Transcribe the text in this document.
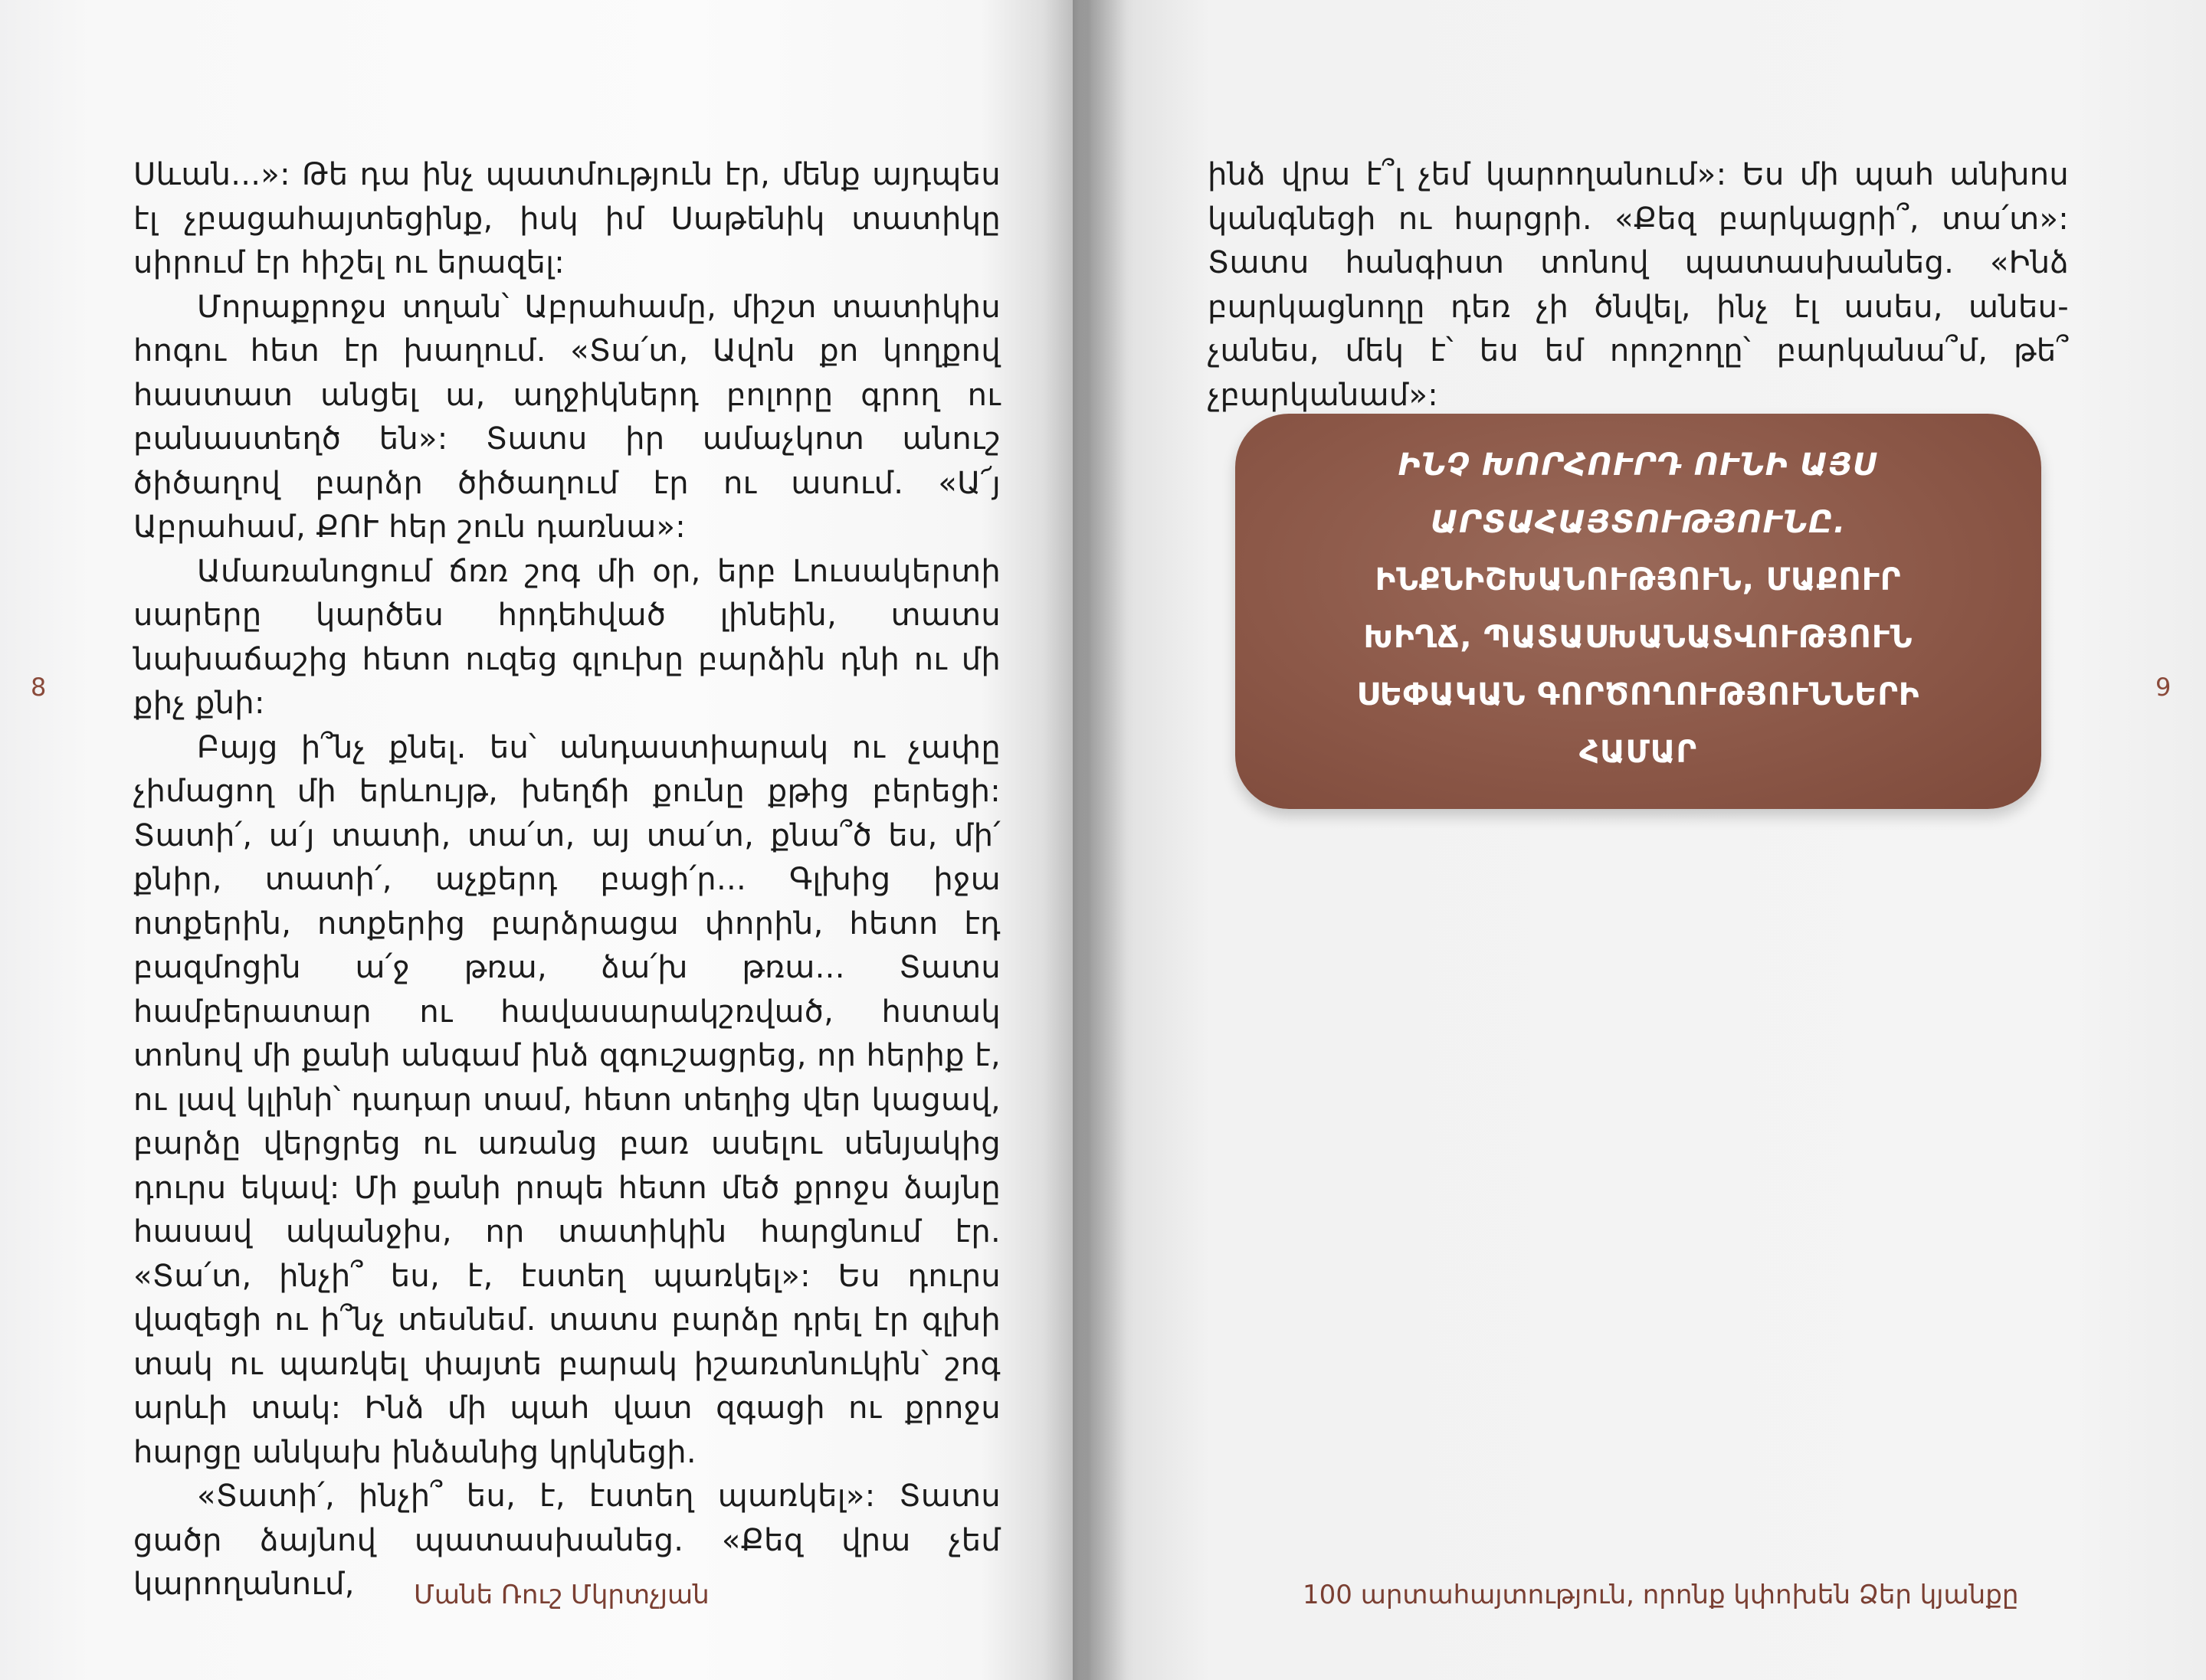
Սևան...»: Թե դա ինչ պատմություն էր, մենք այդպես էլ չբացահայտեցինք, իսկ իմ Սաթենիկ տատիկը սիրում էր հիշել ու երազել:

Մորաքրոջս տղան՝ Աբրահամը, միշտ տատիկիս հոգու հետ էր խաղում. «Տա՛տ, Ավոն քո կողքով հաստատ անցել ա, աղջիկներդ բոլորը գրող ու բանաստեղծ են»: Տատս իր ամաչկոտ անուշ ծիծաղով բարձր ծիծաղում էր ու ասում. «Ա՜յ Աբրահամ, ՔՈՒ հեր շուն դառնա»:

Ամառանոցում ճռռ շոգ մի օր, երբ Լուսակերտի սարերը կարծես հրդեհված լինեին, տատս նախաճաշից հետո ուզեց գլուխը բարձին դնի ու մի քիչ քնի:

Բայց ի՞նչ քնել. ես՝ անդաստիարակ ու չափը չիմացող մի երևույթ, խեղճի քունը քթից բերեցի: Տատի՛, ա՛յ տատի, տա՛տ, այ տա՛տ, քնա՞ծ ես, մի՛ քնիր, տատի՛, աչքերդ բացի՛ր... Գլխից իջա ոտքերին, ոտքերից բարձրացա փորին, հետո էդ բազմոցին ա՛ջ թռա, ձա՛խ թռա... Տատս համբերատար ու հավասարակշռված, հստակ տոնով մի քանի անգամ ինձ զգուշացրեց, որ հերիք է, ու լավ կլինի՝ դադար տամ, հետո տեղից վեր կացավ, բարձը վերցրեց ու առանց բառ ասելու սենյակից դուրս եկավ: Մի քանի րոպե հետո մեծ քրոջս ձայնը հասավ ականջիս, որ տատիկին հարցնում էր. «Տա՛տ, ինչի՞ ես, է, էստեղ պառկել»: Ես դուրս վազեցի ու ի՞նչ տեսնեմ. տատս բարձը դրել էր գլխի տակ ու պառկել փայտե բարակ իշառտնուկին՝ շոգ արևի տակ: Ինձ մի պահ վատ զգացի ու քրոջս հարցը անկախ ինձանից կրկնեցի.

«Տատի՛, ինչի՞ ես, է, էստեղ պառկել»: Տատս ցածր ձայնով պատասխանեց. «Քեզ վրա չեմ կարողանում,

8
Մանե Ռուշ Մկրտչյան

ինձ վրա է՞լ չեմ կարողանում»: Ես մի պահ անխոս կանգնեցի ու հարցրի. «Քեզ բարկացրի՞, տա՛տ»: Տատս հանգիստ տոնով պատասխանեց. «Ինձ բարկացնողը դեռ չի ծնվել, ինչ էլ ասես, անես-չանես, մեկ է՝ ես եմ որոշողը՝ բարկանա՞մ, թե՞ չբարկանամ»:

ԻՆՉ ԽՈՐՀՈՒՐԴ ՈՒՆԻ ԱՅՍ
ԱՐՏԱՀԱՅՏՈՒԹՅՈՒՆԸ.
ԻՆՔՆԻՇԽԱՆՈՒԹՅՈՒՆ, ՄԱՔՈՒՐ
ԽԻՂՃ, ՊԱՏԱՍԽԱՆԱՏՎՈՒԹՅՈՒՆ
ՍԵՓԱԿԱՆ ԳՈՐԾՈՂՈՒԹՅՈՒՆՆԵՐԻ
ՀԱՄԱՐ
9
100 արտահայտություն, որոնք կփոխեն Ձեր կյանքը
